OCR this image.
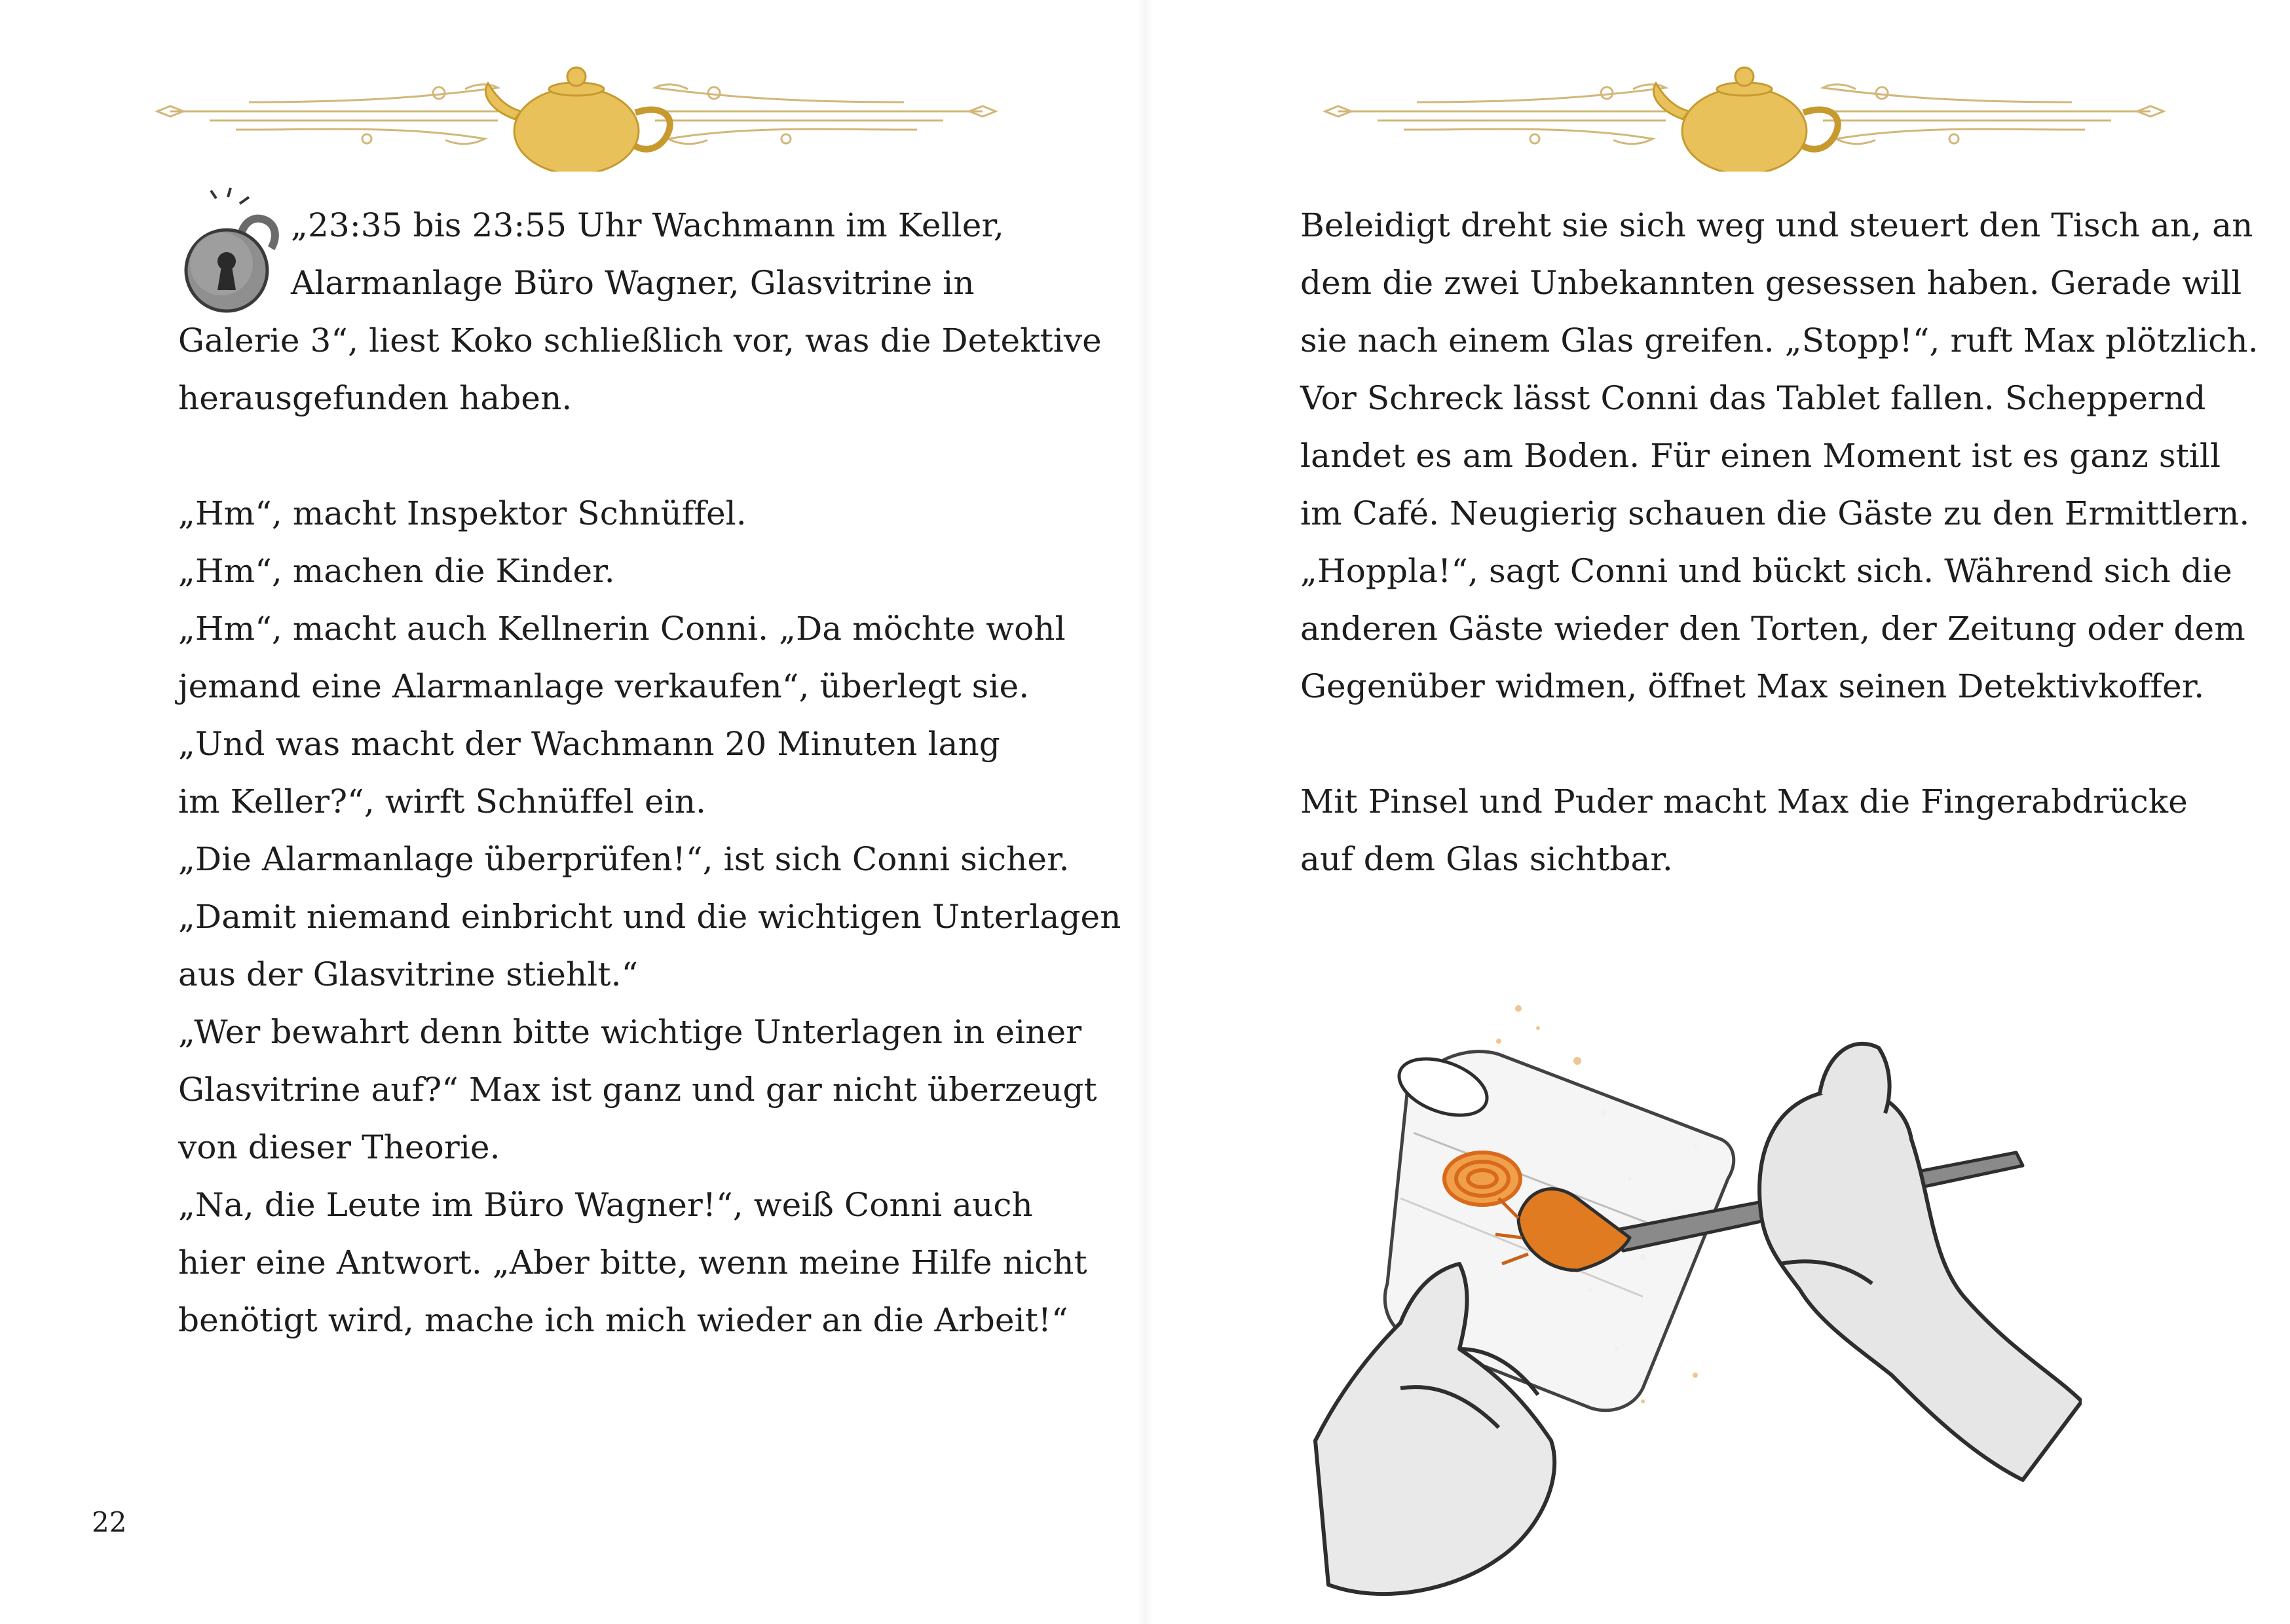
„23:35 bis 23:55 Uhr Wachmann im Keller,
Alarmanlage Büro Wagner, Glasvitrine in
Galerie 3“, liest Koko schließlich vor, was die Detektive
herausgefunden haben.
„Hm“, macht Inspektor Schnüffel.
„Hm“, machen die Kinder.
„Hm“, macht auch Kellnerin Conni. „Da möchte wohl
jemand eine Alarmanlage verkaufen“, überlegt sie.
„Und was macht der Wachmann 20 Minuten lang
im Keller?“, wirft Schnüffel ein.
„Die Alarmanlage überprüfen!“, ist sich Conni sicher.
„Damit niemand einbricht und die wichtigen Unterlagen
aus der Glasvitrine stiehlt.“
„Wer bewahrt denn bitte wichtige Unterlagen in einer
Glasvitrine auf?“ Max ist ganz und gar nicht überzeugt
von dieser Theorie.
„Na, die Leute im Büro Wagner!“, weiß Conni auch
hier eine Antwort. „Aber bitte, wenn meine Hilfe nicht
benötigt wird, mache ich mich wieder an die Arbeit!“
22
Beleidigt dreht sie sich weg und steuert den Tisch an, an
dem die zwei Unbekannten gesessen haben. Gerade will
sie nach einem Glas greifen. „Stopp!“, ruft Max plötzlich.
Vor Schreck lässt Conni das Tablet fallen. Scheppernd
landet es am Boden. Für einen Moment ist es ganz still
im Café. Neugierig schauen die Gäste zu den Ermittlern.
„Hoppla!“, sagt Conni und bückt sich. Während sich die
anderen Gäste wieder den Torten, der Zeitung oder dem
Gegenüber widmen, öffnet Max seinen Detektivkoffer.
Mit Pinsel und Puder macht Max die Fingerabdrücke
auf dem Glas sichtbar.
